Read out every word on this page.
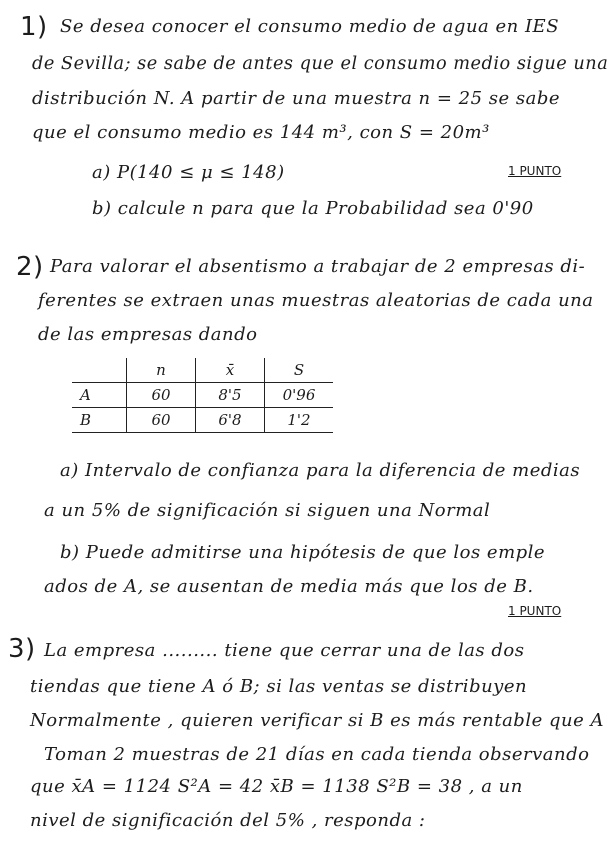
1) Se desea conocer el consumo medio de agua en IES
de Sevilla; se sabe de antes que el consumo medio sigue una
distribución N. A partir de una muestra n = 25 se sabe
que el consumo medio es 144 m³, con S = 20m³
a) P(140 ≤ μ ≤ 148)	1 PUNTO
b) calcule n para que la Probabilidad sea 0'90
2) Para valorar el absentismo a trabajar de 2 empresas di-
ferentes se extraen unas muestras aleatorias de cada una
de las empresas dando
	n	x̄	S
A	60	8'5	0'96
B	60	6'8	1'2
a) Intervalo de confianza para la diferencia de medias
a un 5% de significación si siguen una Normal
b) Puede admitirse una hipótesis de que los emple
ados de A, se ausentan de media más que los de B.
1 PUNTO
3) La empresa ......... tiene que cerrar una de las dos
tiendas que tiene A ó B; si las ventas se distribuyen
Normalmente , quieren verificar si B es más rentable que A
Toman 2 muestras de 21 días en cada tienda observando
que x̄A = 1124 S²A = 42 x̄B = 1138 S²B = 38 , a un
nivel de significación del 5% , responda :
